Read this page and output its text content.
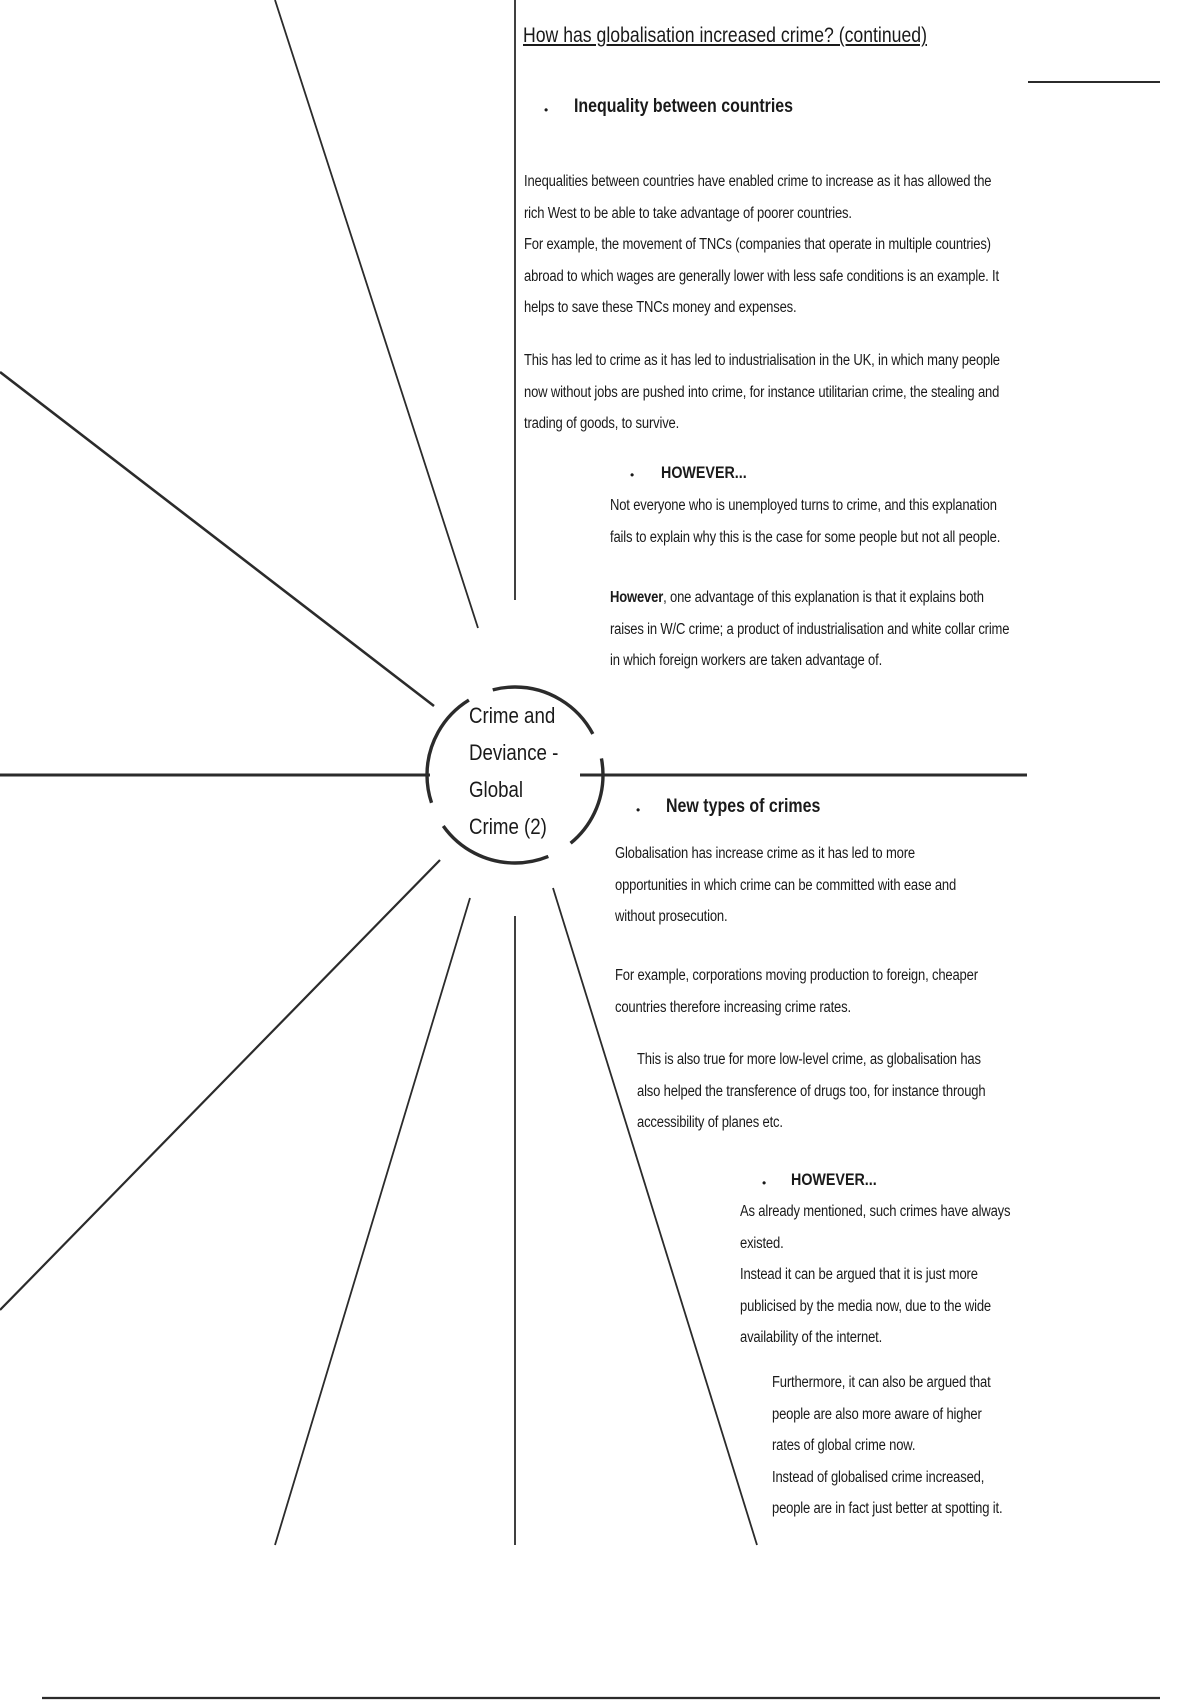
How has globalisation increased crime? (continued)
Crime and
Deviance -
Global
Crime (2)
• Inequality between countries

Inequalities between countries have enabled crime to increase as it has allowed the

rich West to be able to take advantage of poorer countries.

For example, the movement of TNCs (companies that operate in multiple countries)

abroad to which wages are generally lower with less safe conditions is an example. It

helps to save these TNCs money and expenses.

This has led to crime as it has led to industrialisation in the UK, in which many people

now without jobs are pushed into crime, for instance utilitarian crime, the stealing and

trading of goods, to survive.

• HOWEVER...

Not everyone who is unemployed turns to crime, and this explanation

fails to explain why this is the case for some people but not all people.

However, one advantage of this explanation is that it explains both

raises in W/C crime; a product of industrialisation and white collar crime

in which foreign workers are taken advantage of.

• New types of crimes

Globalisation has increase crime as it has led to more

opportunities in which crime can be committed with ease and

without prosecution.

For example, corporations moving production to foreign, cheaper

countries therefore increasing crime rates.

This is also true for more low-level crime, as globalisation has

also helped the transference of drugs too, for instance through

accessibility of planes etc.

• HOWEVER...

As already mentioned, such crimes have always

existed.

Instead it can be argued that it is just more

publicised by the media now, due to the wide

availability of the internet.

Furthermore, it can also be argued that

people are also more aware of higher

rates of global crime now.

Instead of globalised crime increased,

people are in fact just better at spotting it.
